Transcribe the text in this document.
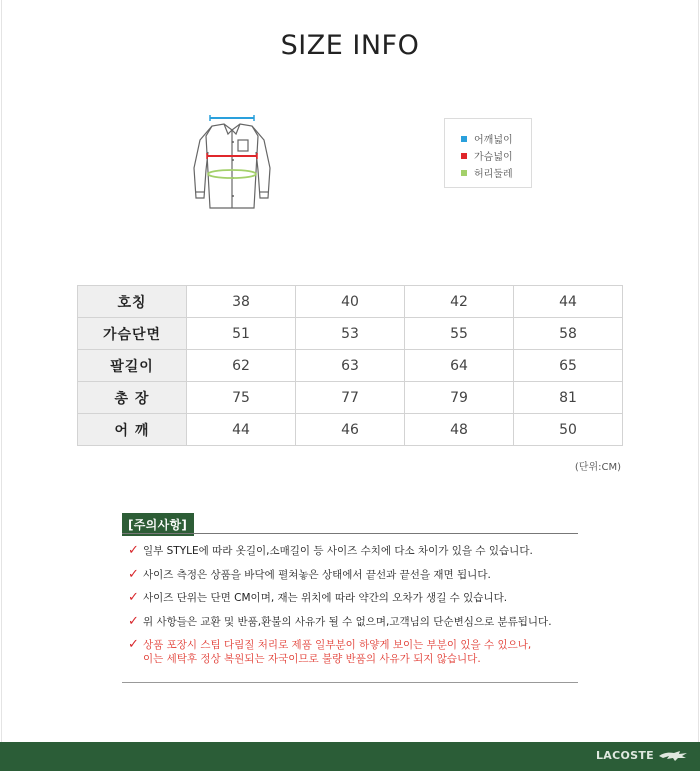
SIZE INFO
어깨넓이
가슴넓이
허리둘레
호칭	38	40	42	44
가슴단면	51	53	55	58
팔길이	62	63	64	65
총 장	75	77	79	81
어 깨	44	46	48	50
(단위:CM)
[주의사항]
✓ 일부 STYLE에 따라 옷길이,소매길이 등 사이즈 수치에 다소 차이가 있을 수 있습니다.
✓ 사이즈 측정은 상품을 바닥에 펼쳐놓은 상태에서 끝선과 끝선을 재면 됩니다.
✓ 사이즈 단위는 단면 CM이며, 재는 위치에 따라 약간의 오차가 생길 수 있습니다.
✓ 위 사항들은 교환 및 반품,환불의 사유가 될 수 없으며,고객님의 단순변심으로 분류됩니다.
✓ 상품 포장시 스팀 다림질 처리로 제품 일부분이 하얗게 보이는 부분이 있을 수 있으나,
이는 세탁후 정상 복원되는 자국이므로 불량 반품의 사유가 되지 않습니다.
LACOSTE
